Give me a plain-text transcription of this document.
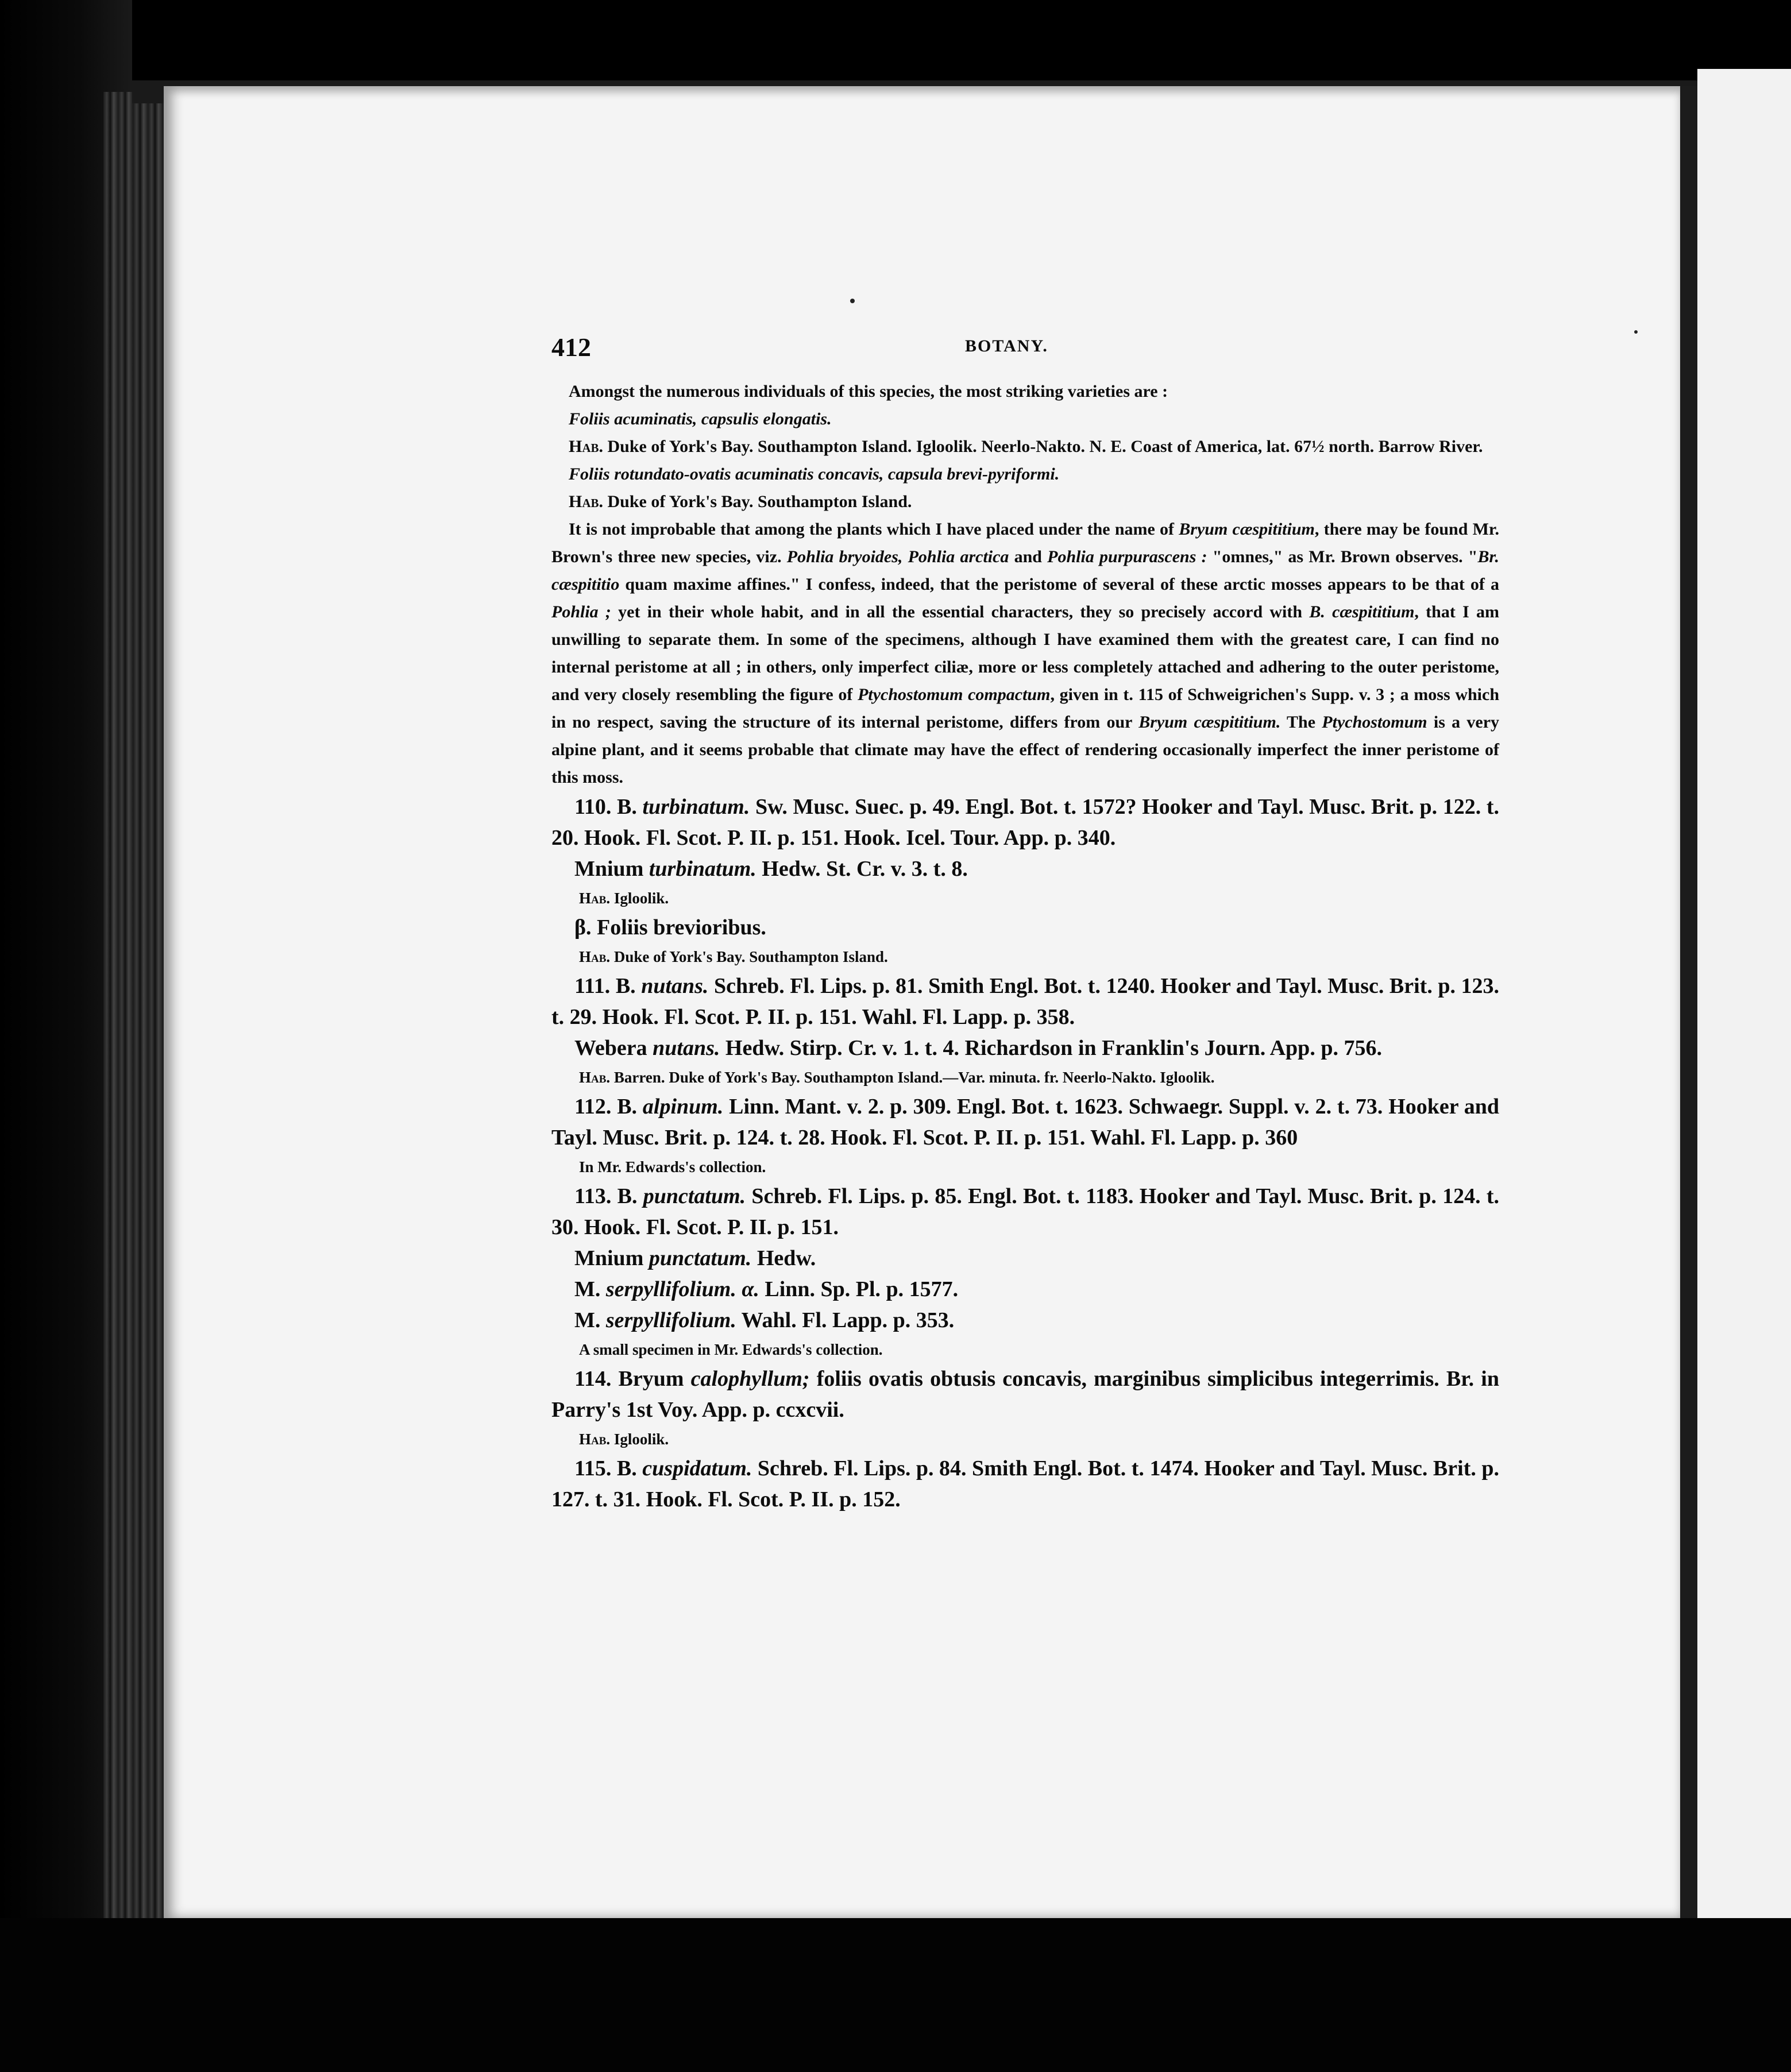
412	BOTANY.

Amongst the numerous individuals of this species, the most striking varieties are :

Foliis acuminatis, capsulis elongatis.

Hab. Duke of York's Bay. Southampton Island. Igloolik. Neerlo-Nakto. N. E. Coast of America, lat. 67½ north. Barrow River.

Foliis rotundato-ovatis acuminatis concavis, capsula brevi-pyriformi.

Hab. Duke of York's Bay. Southampton Island.

It is not improbable that among the plants which I have placed under the name of Bryum cæspititium, there may be found Mr. Brown's three new species, viz. Pohlia bryoides, Pohlia arctica and Pohlia purpurascens : "omnes," as Mr. Brown observes. "Br. cæspititio quam maxime affines." I confess, indeed, that the peristome of several of these arctic mosses appears to be that of a Pohlia ; yet in their whole habit, and in all the essential characters, they so precisely accord with B. cæspititium, that I am unwilling to separate them. In some of the specimens, although I have examined them with the greatest care, I can find no internal peristome at all ; in others, only imperfect ciliæ, more or less completely attached and adhering to the outer peristome, and very closely resembling the figure of Ptychostomum compactum, given in t. 115 of Schweigrichen's Supp. v. 3 ; a moss which in no respect, saving the structure of its internal peristome, differs from our Bryum cæspititium. The Ptychostomum is a very alpine plant, and it seems probable that climate may have the effect of rendering occasionally imperfect the inner peristome of this moss.

110. B. turbinatum. Sw. Musc. Suec. p. 49. Engl. Bot. t. 1572? Hooker and Tayl. Musc. Brit. p. 122. t. 20. Hook. Fl. Scot. P. II. p. 151. Hook. Icel. Tour. App. p. 340.

Mnium turbinatum. Hedw. St. Cr. v. 3. t. 8.

Hab. Igloolik.

β. Foliis brevioribus.

Hab. Duke of York's Bay. Southampton Island.

111. B. nutans. Schreb. Fl. Lips. p. 81. Smith Engl. Bot. t. 1240. Hooker and Tayl. Musc. Brit. p. 123. t. 29. Hook. Fl. Scot. P. II. p. 151. Wahl. Fl. Lapp. p. 358.

Webera nutans. Hedw. Stirp. Cr. v. 1. t. 4. Richardson in Franklin's Journ. App. p. 756.

Hab. Barren. Duke of York's Bay. Southampton Island.—Var. minuta. fr. Neerlo-Nakto. Igloolik.

112. B. alpinum. Linn. Mant. v. 2. p. 309. Engl. Bot. t. 1623. Schwaegr. Suppl. v. 2. t. 73. Hooker and Tayl. Musc. Brit. p. 124. t. 28. Hook. Fl. Scot. P. II. p. 151. Wahl. Fl. Lapp. p. 360

In Mr. Edwards's collection.

113. B. punctatum. Schreb. Fl. Lips. p. 85. Engl. Bot. t. 1183. Hooker and Tayl. Musc. Brit. p. 124. t. 30. Hook. Fl. Scot. P. II. p. 151.

Mnium punctatum. Hedw.

M. serpyllifolium. α. Linn. Sp. Pl. p. 1577.

M. serpyllifolium. Wahl. Fl. Lapp. p. 353.

A small specimen in Mr. Edwards's collection.

114. Bryum calophyllum; foliis ovatis obtusis concavis, marginibus simplicibus integerrimis. Br. in Parry's 1st Voy. App. p. ccxcvii.

Hab. Igloolik.

115. B. cuspidatum. Schreb. Fl. Lips. p. 84. Smith Engl. Bot. t. 1474. Hooker and Tayl. Musc. Brit. p. 127. t. 31. Hook. Fl. Scot. P. II. p. 152.
